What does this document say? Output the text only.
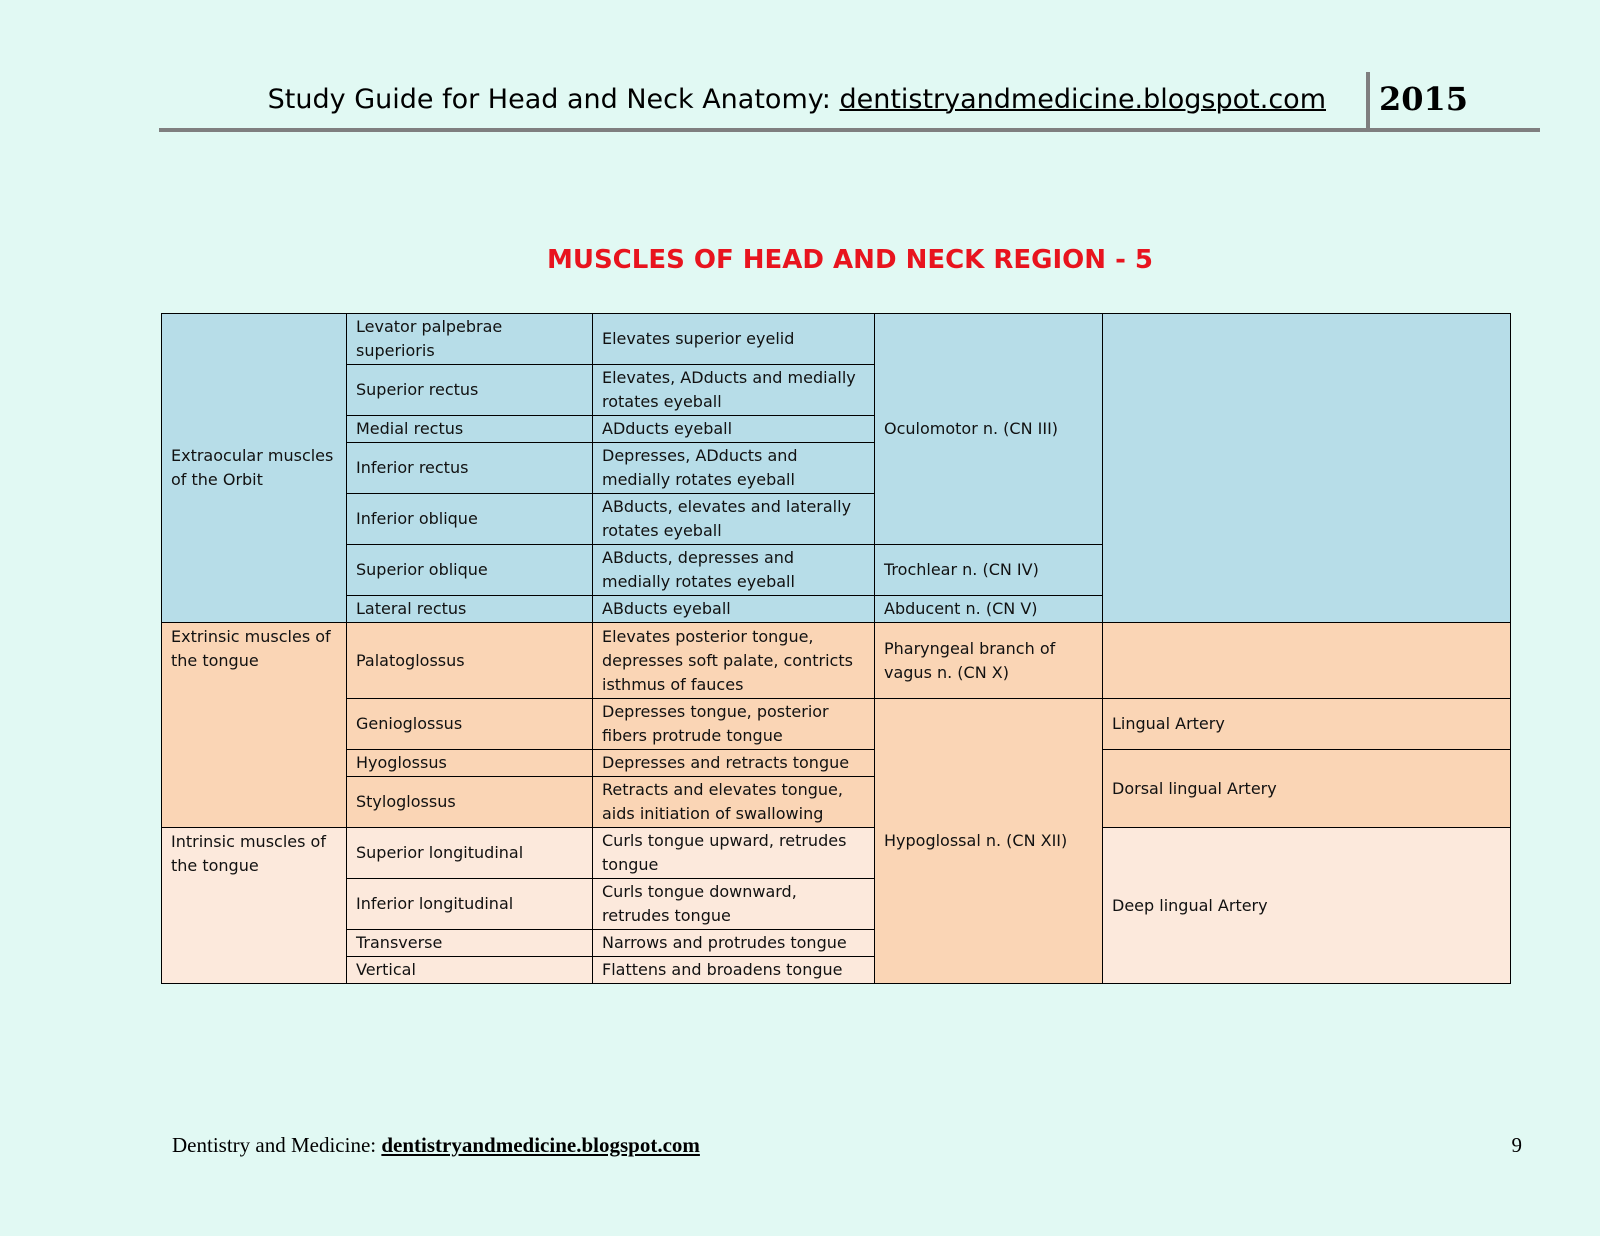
Study Guide for Head and Neck Anatomy: dentistryandmedicine.blogspot.com 2015
MUSCLES OF HEAD AND NECK REGION - 5
Extraocular muscles of the Orbit	Levator palpebrae superioris	Elevates superior eyelid	Oculomotor n. (CN III)	
	Superior rectus	Elevates, ADducts and medially rotates eyeball		
	Medial rectus	ADducts eyeball		
	Inferior rectus	Depresses, ADducts and medially rotates eyeball		
	Inferior oblique	ABducts, elevates and laterally rotates eyeball		
	Superior oblique	ABducts, depresses and medially rotates eyeball	Trochlear n. (CN IV)	
	Lateral rectus	ABducts eyeball	Abducent n. (CN V)	
Extrinsic muscles of the tongue	Palatoglossus	Elevates posterior tongue, depresses soft palate, contricts isthmus of fauces	Pharyngeal branch of vagus n. (CN X)	
	Genioglossus	Depresses tongue, posterior fibers protrude tongue	Hypoglossal n. (CN XII)	Lingual Artery
	Hyoglossus	Depresses and retracts tongue		Dorsal lingual Artery
	Styloglossus	Retracts and elevates tongue, aids initiation of swallowing		
Intrinsic muscles of the tongue	Superior longitudinal	Curls tongue upward, retrudes tongue		Deep lingual Artery
	Inferior longitudinal	Curls tongue downward, retrudes tongue		
	Transverse	Narrows and protrudes tongue		
	Vertical	Flattens and broadens tongue		
Dentistry and Medicine: dentistryandmedicine.blogspot.com	9
